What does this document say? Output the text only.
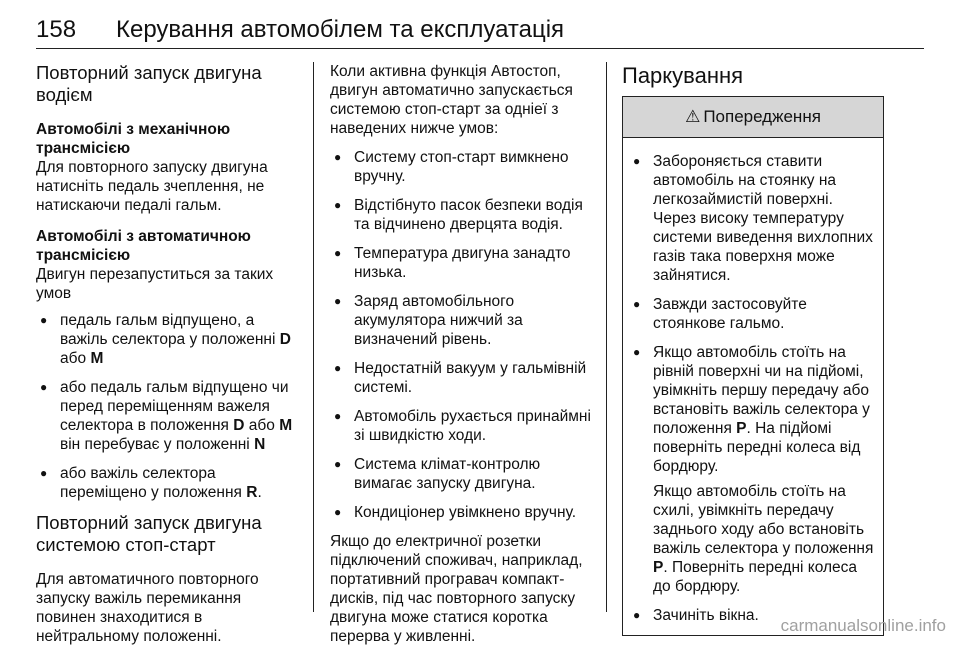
158 Керування автомобілем та експлуатація
Повторний запуск двигуна водієм
Автомобілі з механічною трансмісією

Для повторного запуску двигуна натисніть педаль зчеплення, не натискаючи педалі гальм.

Автомобілі з автоматичною трансмісією

Двигун перезапуститься за таких умов

● педаль гальм відпущено, а важіль селектора у положенні D або M
● або педаль гальм відпущено чи перед переміщенням важеля селектора в положення D або M він перебуває у положенні N
● або важіль селектора переміщено у положення R.
Повторний запуск двигуна системою стоп-старт

Для автоматичного повторного запуску важіль перемикання повинен знаходитися в нейтральному положенні.

Коли активна функція Автостоп, двигун автоматично запускається системою стоп-старт за одніеї з наведених нижче умов:

● Систему стоп-старт вимкнено вручну.
● Відстібнуто пасок безпеки водія та відчинено дверцята водія.
● Температура двигуна занадто низька.
● Заряд автомобільного акумулятора нижчий за визначений рівень.
● Недостатній вакуум у гальмівній системі.
● Автомобіль рухається принаймні зі швидкістю ходи.
● Система клімат-контролю вимагає запуску двигуна.
● Кондиціонер увімкнено вручну.

Якщо до електричної розетки підключений споживач, наприклад, портативний програвач компакт-дисків, під час повторного запуску двигуна може статися коротка перерва у живленні.

Паркування
⚠ Попередження
● Забороняється ставити автомобіль на стоянку на легкозаймистій поверхні. Через високу температуру системи виведення вихлопних газів така поверхня може зайнятися.
● Завжди застосовуйте стоянкове гальмо.
● Якщо автомобіль стоїть на рівній поверхні чи на підйомі, увімкніть першу передачу або встановіть важіль селектора у положення P. На підйомі поверніть передні колеса від бордюру.
Якщо автомобіль стоїть на схилі, увімкніть передачу заднього ходу або встановіть важіль селектора у положення P. Поверніть передні колеса до бордюру.
● Зачиніть вікна.
carmanualsonline.info
